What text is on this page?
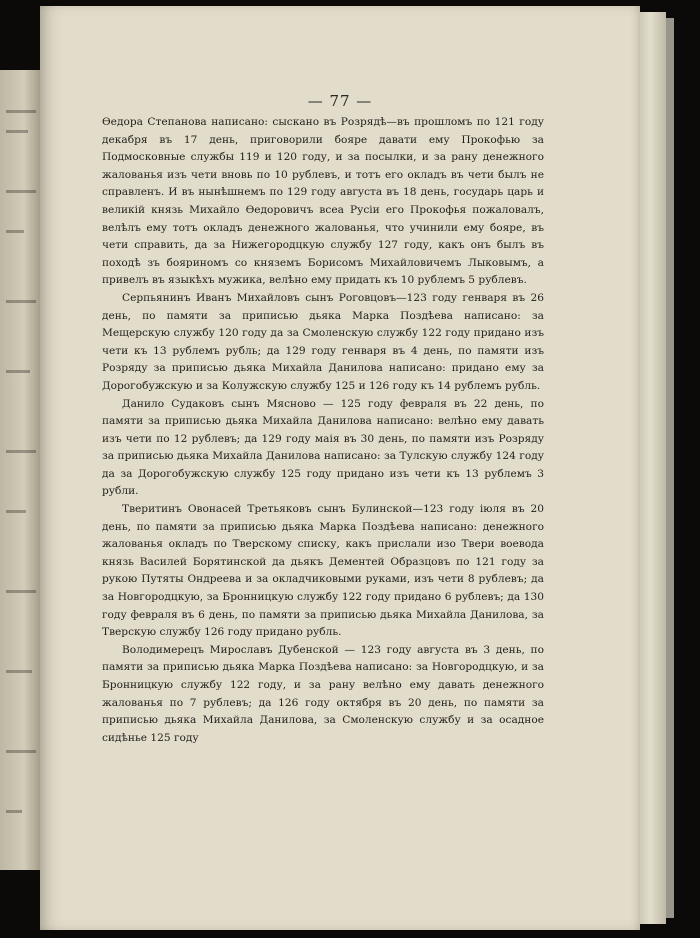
— 77 —

Ѳедора Степанова написано: сыскано въ Розрядѣ—въ прошломъ по 121 году декабря въ 17 день, приговорили бояре давати ему Прокофью за Подмосковные службы 119 и 120 году, и за посылки, и за рану денежного жалованья изъ чети вновь по 10 рублевъ, и тотъ его окладъ въ чети былъ не справленъ. И въ нынѣшнемъ по 129 году августа въ 18 день, государь царь и великій князь Михайло Ѳедоровичъ всеа Русіи его Прокофья пожаловалъ, велѣлъ ему тотъ окладъ денежного жалованья, что учинили ему бояре, въ чети справить, да за Нижегородцкую службу 127 году, какъ онъ былъ въ походѣ зъ бояриномъ со княземъ Борисомъ Михайловичемъ Лыковымъ, а привелъ въ языкѣхъ мужика, велѣно ему придать къ 10 рублемъ 5 рублевъ.

Серпьянинъ Иванъ Михайловъ сынъ Роговцовъ—123 году генваря въ 26 день, по памяти за приписью дьяка Марка Поздѣева написано: за Мещерскую службу 120 году да за Смоленскую службу 122 году придано изъ чети къ 13 рублемъ рубль; да 129 году генваря въ 4 день, по памяти изъ Розряду за приписью дьяка Михайла Данилова написано: придано ему за Дорогобужскую и за Колужскую службу 125 и 126 году къ 14 рублемъ рубль.

Данило Судаковъ сынъ Мясново — 125 году февраля въ 22 день, по памяти за приписью дьяка Михайла Данилова написано: велѣно ему давать изъ чети по 12 рублевъ; да 129 году маія въ 30 день, по памяти изъ Розряду за приписью дьяка Михайла Данилова написано: за Тулскую службу 124 году да за Дорогобужскую службу 125 году придано изъ чети къ 13 рублемъ 3 рубли.

Тверитинъ Овонасей Третьяковъ сынъ Булинской—123 году іюля въ 20 день, по памяти за приписью дьяка Марка Поздѣева написано: денежного жалованья окладъ по Тверскому списку, какъ прислали изо Твери воевода князь Василей Борятинской да дьякъ Дементей Образцовъ по 121 году за рукою Путяты Ондреева и за окладчиковыми руками, изъ чети 8 рублевъ; да за Новгородцкую, за Бронницкую службу 122 году придано 6 рублевъ; да 130 году февраля въ 6 день, по памяти за приписью дьяка Михайла Данилова, за Тверскую службу 126 году придано рубль.

Володимерецъ Мирославъ Дубенской — 123 году августа въ 3 день, по памяти за приписью дьяка Марка Поздѣева написано: за Новгородцкую, и за Бронницкую службу 122 году, и за рану велѣно ему давать денежного жалованья по 7 рублевъ; да 126 году октября въ 20 день, по памяти за приписью дьяка Михайла Данилова, за Смоленскую службу и за осадное сидѣнье 125 году
